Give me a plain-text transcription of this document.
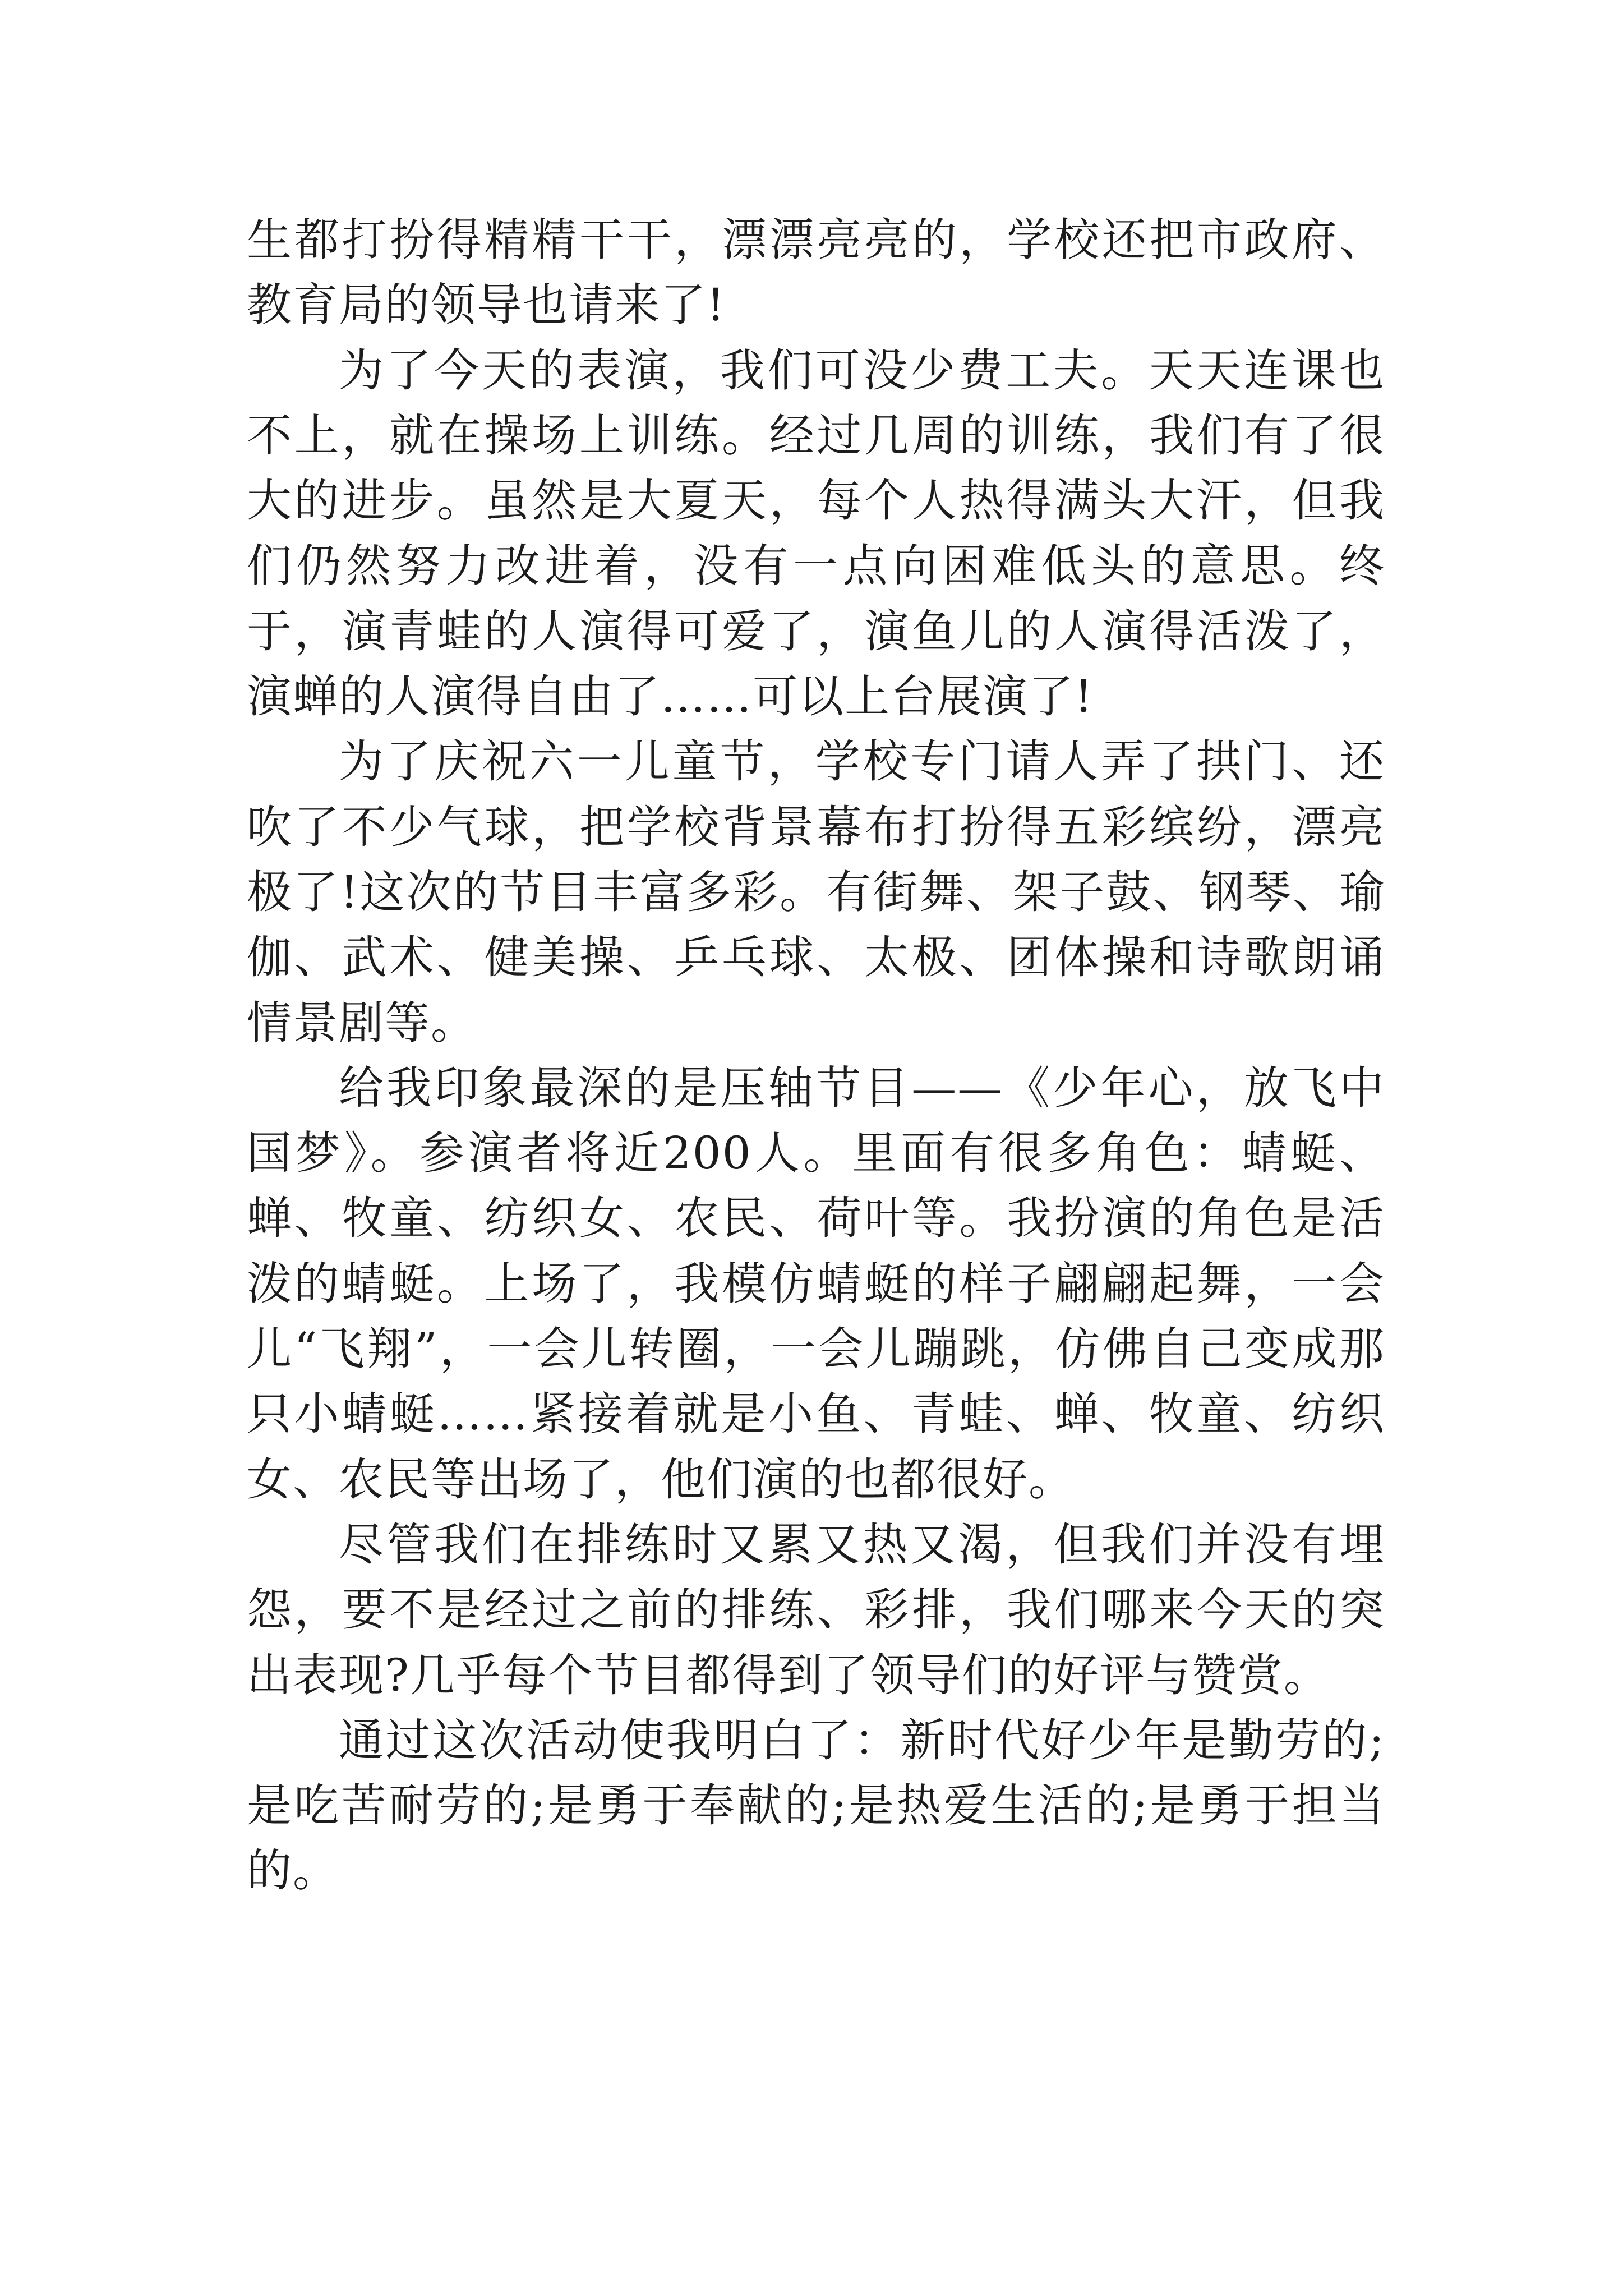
生都打扮得精精干干，漂漂亮亮的，学校还把市政府、教育局的领导也请来了!

为了今天的表演，我们可没少费工夫。天天连课也不上，就在操场上训练。经过几周的训练，我们有了很大的进步。虽然是大夏天，每个人热得满头大汗，但我们仍然努力改进着，没有一点向困难低头的意思。终于，演青蛙的人演得可爱了，演鱼儿的人演得活泼了，演蝉的人演得自由了……可以上台展演了!

为了庆祝六一儿童节，学校专门请人弄了拱门、还吹了不少气球，把学校背景幕布打扮得五彩缤纷，漂亮极了!这次的节目丰富多彩。有街舞、架子鼓、钢琴、瑜伽、武术、健美操、乒乓球、太极、团体操和诗歌朗诵情景剧等。

给我印象最深的是压轴节目——《少年心，放飞中国梦》。参演者将近200人。里面有很多角色：蜻蜓、蝉、牧童、纺织女、农民、荷叶等。我扮演的角色是活泼的蜻蜓。上场了，我模仿蜻蜓的样子翩翩起舞，一会儿“飞翔”，一会儿转圈，一会儿蹦跳，仿佛自己变成那只小蜻蜓……紧接着就是小鱼、青蛙、蝉、牧童、纺织女、农民等出场了，他们演的也都很好。

尽管我们在排练时又累又热又渴，但我们并没有埋怨，要不是经过之前的排练、彩排，我们哪来今天的突出表现?几乎每个节目都得到了领导们的好评与赞赏。

通过这次活动使我明白了：新时代好少年是勤劳的;是吃苦耐劳的;是勇于奉献的;是热爱生活的;是勇于担当的。
